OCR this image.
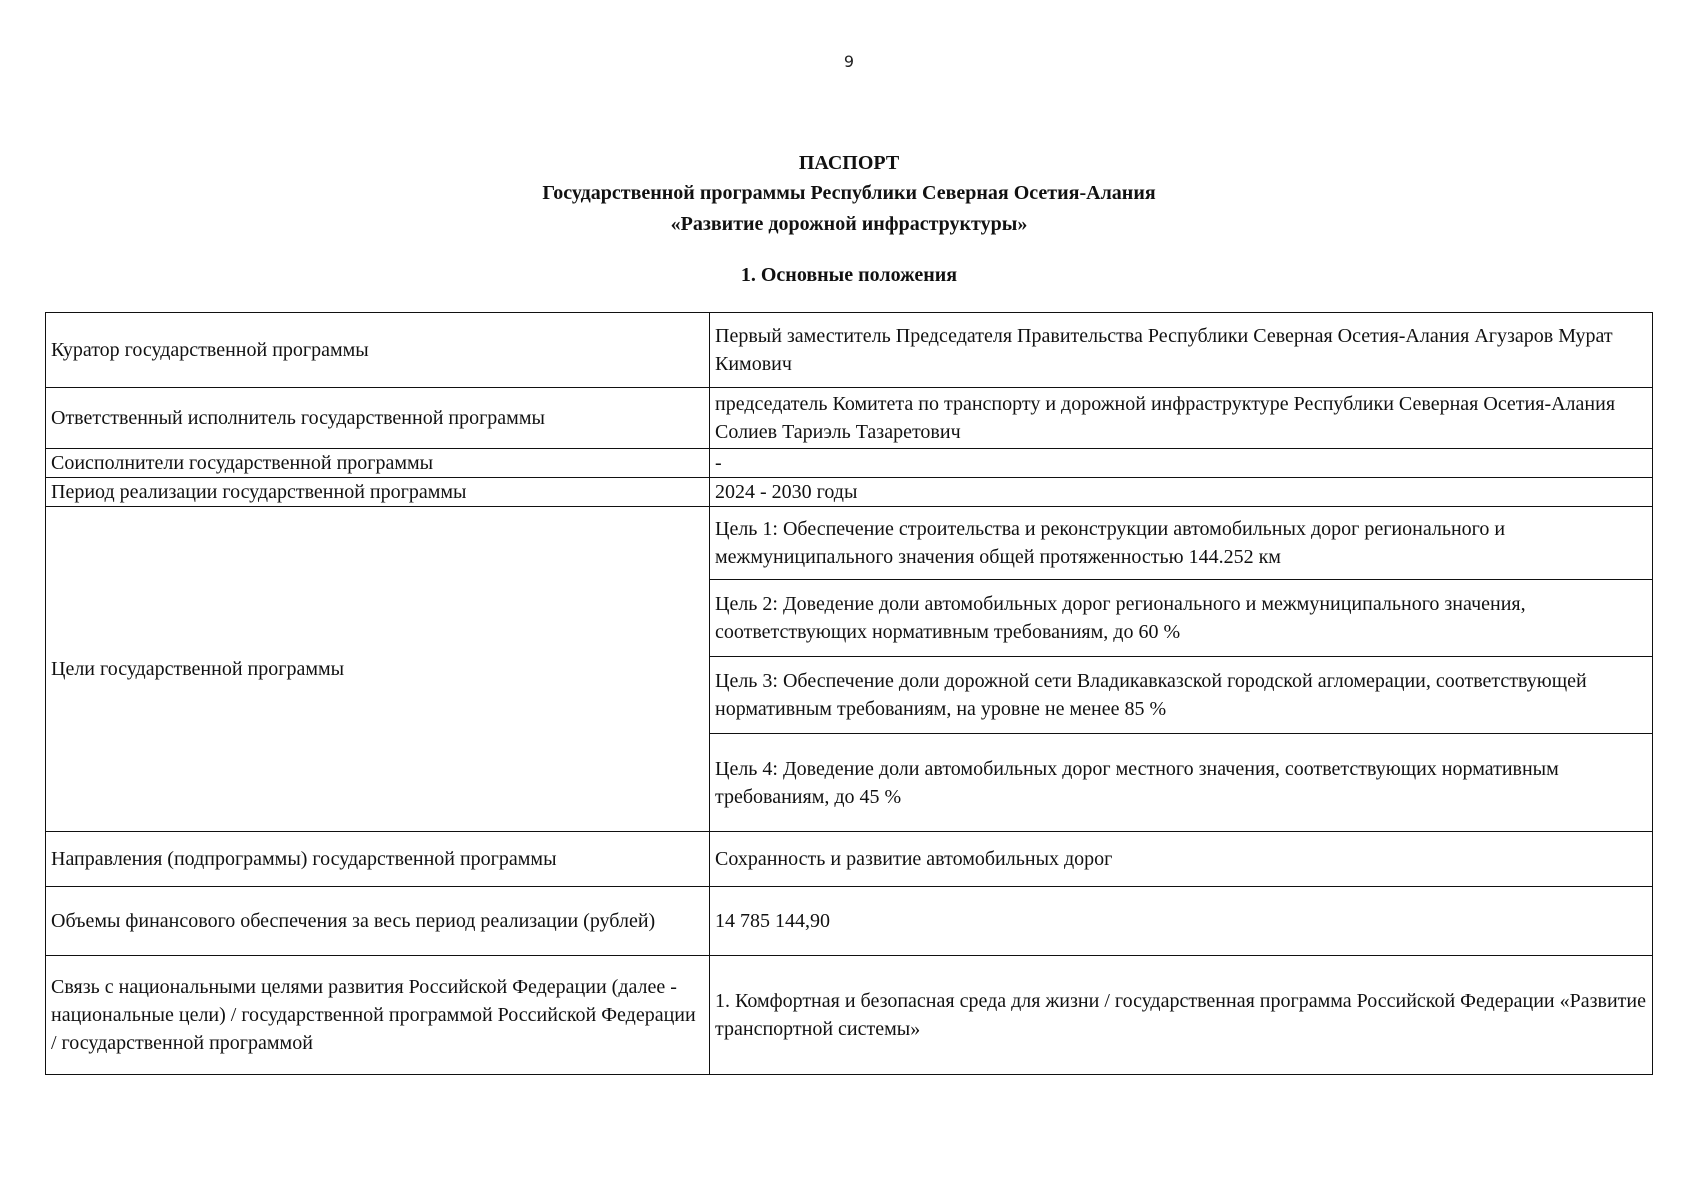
9
ПАСПОРТ
Государственной программы Республики Северная Осетия-Алания
«Развитие дорожной инфраструктуры»
1. Основные положения
Куратор государственной программы	Первый заместитель Председателя Правительства Республики Северная Осетия-Алания Агузаров Мурат Кимович
Ответственный исполнитель государственной программы	председатель Комитета по транспорту и дорожной инфраструктуре Республики Северная Осетия-Алания Солиев Тариэль Тазаретович
Соисполнители государственной программы	-
Период реализации государственной программы	2024 - 2030 годы
Цели государственной программы	Цель 1: Обеспечение строительства и реконструкции автомобильных дорог регионального и межмуниципального значения общей протяженностью 144.252 км
	Цель 2: Доведение доли автомобильных дорог регионального и межмуниципального значения, соответствующих нормативным требованиям, до 60 %
	Цель 3: Обеспечение доли дорожной сети Владикавказской городской агломерации, соответствующей нормативным требованиям, на уровне не менее 85 %
	Цель 4: Доведение доли автомобильных дорог местного значения, соответствующих нормативным требованиям, до 45 %
Направления (подпрограммы) государственной программы	Сохранность и развитие автомобильных дорог
Объемы финансового обеспечения за весь период реализации (рублей)	14 785 144,90
Связь с национальными целями развития Российской Федерации (далее - национальные цели) / государственной программой Российской Федерации / государственной программой	1. Комфортная и безопасная среда для жизни / государственная программа Российской Федерации «Развитие транспортной системы»
